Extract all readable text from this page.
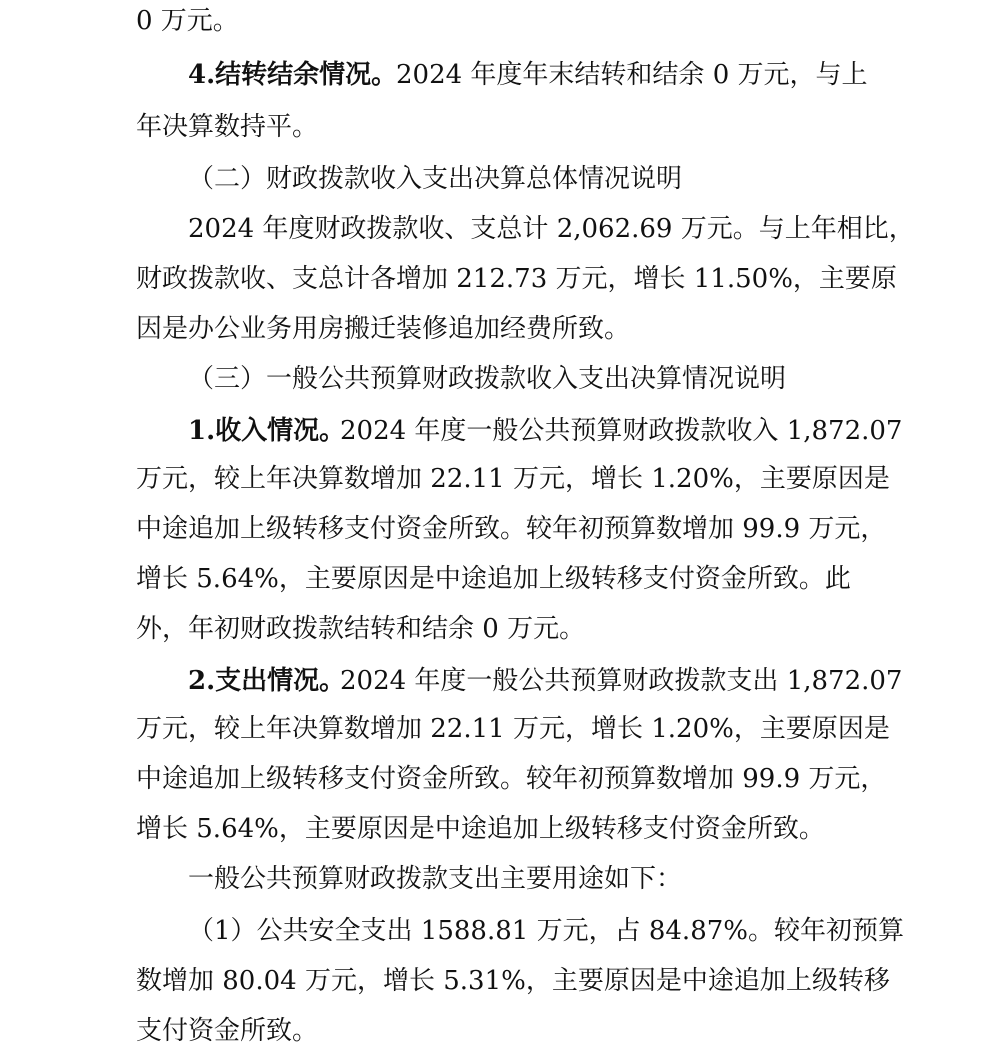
0 万元。
4.结转结余情况。
2024 年度年末结转和结余 0 万元，与上
年决算数持平。
（二）财政拨款收入支出决算总体情况说明
2024 年度财政拨款收、支总计 2,062.69 万元。与上年相比，
财政拨款收、支总计各增加 212.73 万元，增长 11.50%，主要原
因是办公业务用房搬迁装修追加经费所致。
（三）一般公共预算财政拨款收入支出决算情况说明
1.收入情况。
2024 年度一般公共预算财政拨款收入 1,872.07
万元，较上年决算数增加 22.11 万元，增长 1.20%，主要原因是
中途追加上级转移支付资金所致。较年初预算数增加 99.9 万元，
增长 5.64%，主要原因是中途追加上级转移支付资金所致。此
外，年初财政拨款结转和结余 0 万元。
2.支出情况。
2024 年度一般公共预算财政拨款支出 1,872.07
万元，较上年决算数增加 22.11 万元，增长 1.20%，主要原因是
中途追加上级转移支付资金所致。较年初预算数增加 99.9 万元，
增长 5.64%，主要原因是中途追加上级转移支付资金所致。
一般公共预算财政拨款支出主要用途如下：
（1）公共安全支出 1588.81 万元，占 84.87%。较年初预算
数增加 80.04 万元，增长 5.31%，主要原因是中途追加上级转移
支付资金所致。
